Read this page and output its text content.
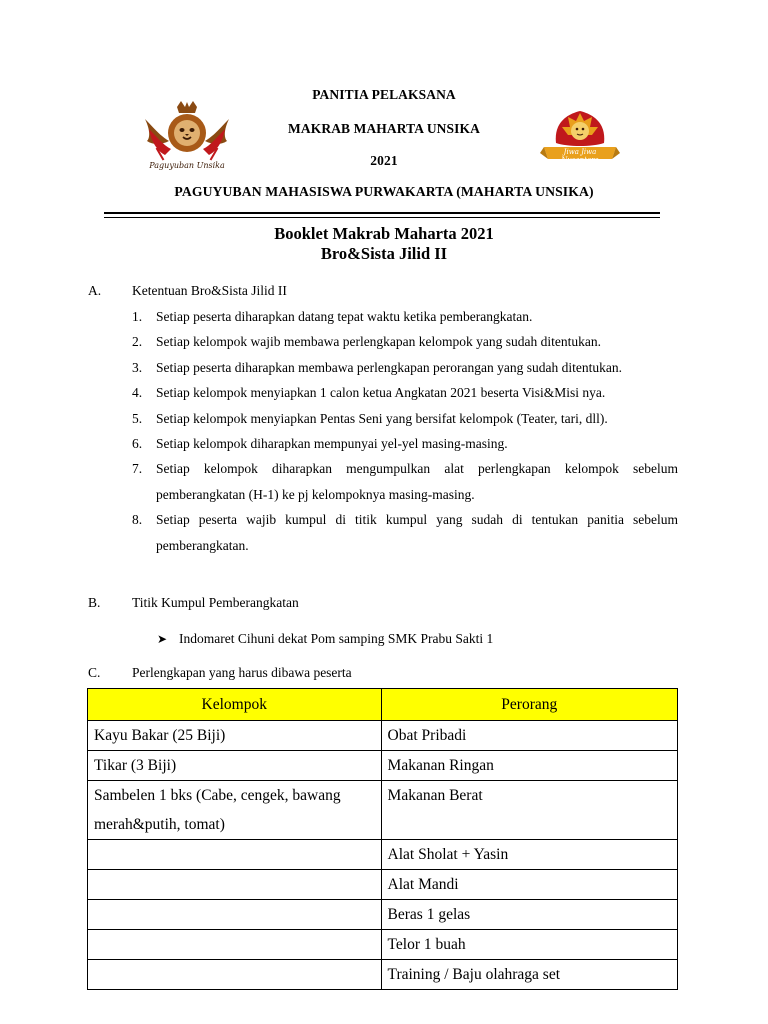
Paguyuban Unsika
Jiwa Jiwa Nusantara
PANITIA PELAKSANA
MAKRAB MAHARTA UNSIKA
2021
PAGUYUBAN MAHASISWA PURWAKARTA (MAHARTA UNSIKA)
Booklet Makrab Maharta 2021
Bro&Sista Jilid II
A. Ketentuan Bro&Sista Jilid II
1. Setiap peserta diharapkan datang tepat waktu ketika pemberangkatan.
2. Setiap kelompok wajib membawa perlengkapan kelompok yang sudah ditentukan.
3. Setiap peserta diharapkan membawa perlengkapan perorangan yang sudah ditentukan.
4. Setiap kelompok menyiapkan 1 calon ketua Angkatan 2021 beserta Visi&Misi nya.
5. Setiap kelompok menyiapkan Pentas Seni yang bersifat kelompok (Teater, tari, dll).
6. Setiap kelompok diharapkan mempunyai yel-yel masing-masing.
7. Setiap kelompok diharapkan mengumpulkan alat perlengkapan kelompok sebelum pemberangkatan (H-1) ke pj kelompoknya masing-masing.
8. Setiap peserta wajib kumpul di titik kumpul yang sudah di tentukan panitia sebelum pemberangkatan.
B. Titik Kumpul Pemberangkatan
➤ Indomaret Cihuni dekat Pom samping SMK Prabu Sakti 1
C. Perlengkapan yang harus dibawa peserta
Kelompok	Perorang
Kayu Bakar (25 Biji)	Obat Pribadi
Tikar (3 Biji)	Makanan Ringan
Sambelen 1 bks (Cabe, cengek, bawang merah&putih, tomat)	Makanan Berat
	Alat Sholat + Yasin
	Alat Mandi
	Beras 1 gelas
	Telor 1 buah
	Training / Baju olahraga set
